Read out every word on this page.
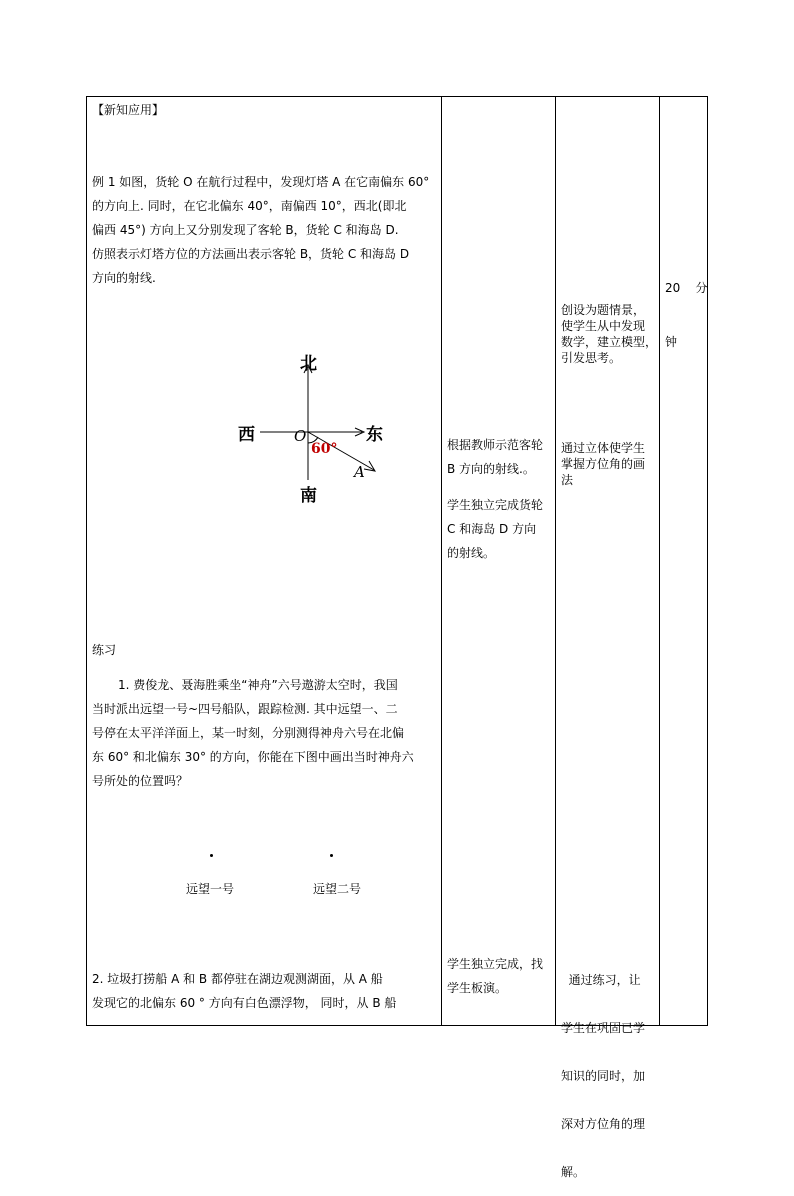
【新知应用】

例 1 如图，货轮 O 在航行过程中，发现灯塔 A 在它南偏东 60°

的方向上. 同时，在它北偏东 40°，南偏西 10°，西北(即北

偏西 45°) 方向上又分别发现了客轮 B，货轮 C 和海岛 D.

仿照表示灯塔方位的方法画出表示客轮 B，货轮 C 和海岛 D

方向的射线.

北
西	东
南
O
60°
A
练习

1. 费俊龙、聂海胜乘坐“神舟”六号遨游太空时，我国

当时派出远望一号~四号船队，跟踪检测. 其中远望一、二

号停在太平洋洋面上，某一时刻，分别测得神舟六号在北偏

东 60° 和北偏东 30° 的方向，你能在下图中画出当时神舟六

号所处的位置吗？

远望一号	远望二号

2. 垃圾打捞船 A 和 B 都停驻在湖边观测湖面，从 A 船

发现它的北偏东 60 ° 方向有白色漂浮物， 同时，从 B 船

根据教师示范客轮

B 方向的射线.。

学生独立完成货轮

C 和海岛 D 方向

的射线。

学生独立完成，找

学生板演。

创设为题情景，

使学生从中发现

数学，建立模型，

引发思考。

通过立体使学生

掌握方位角的画

法

通过练习，让

学生在巩固已学

知识的同时，加

深对方位角的理

解。

20    分

钟
